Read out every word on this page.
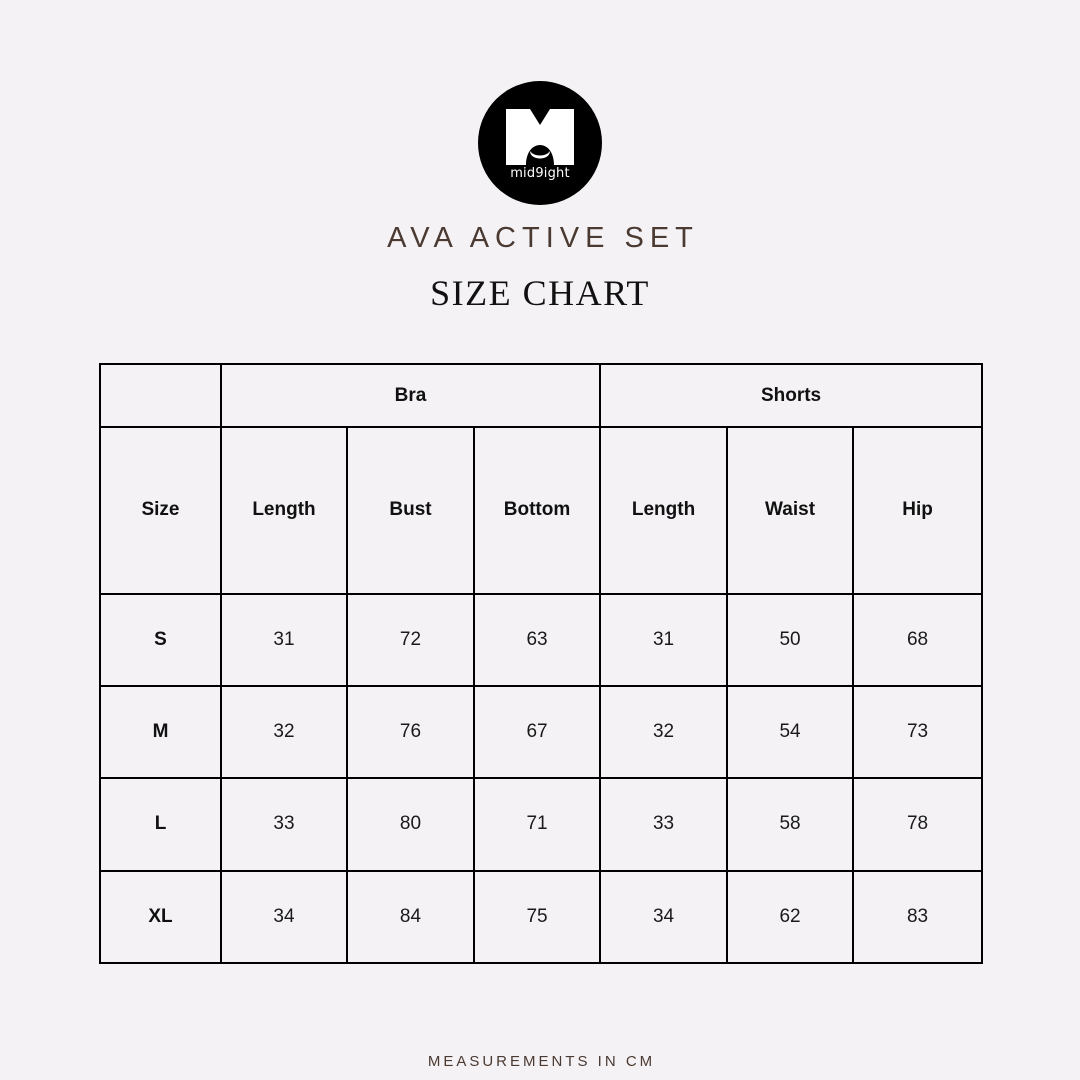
mid9ight
AVA ACTIVE SET
SIZE CHART
	Bra			Shorts		
Size	Length	Bust	Bottom	Length	Waist	Hip
S	31	72	63	31	50	68
M	32	76	67	32	54	73
L	33	80	71	33	58	78
XL	34	84	75	34	62	83
MEASUREMENTS IN CM
